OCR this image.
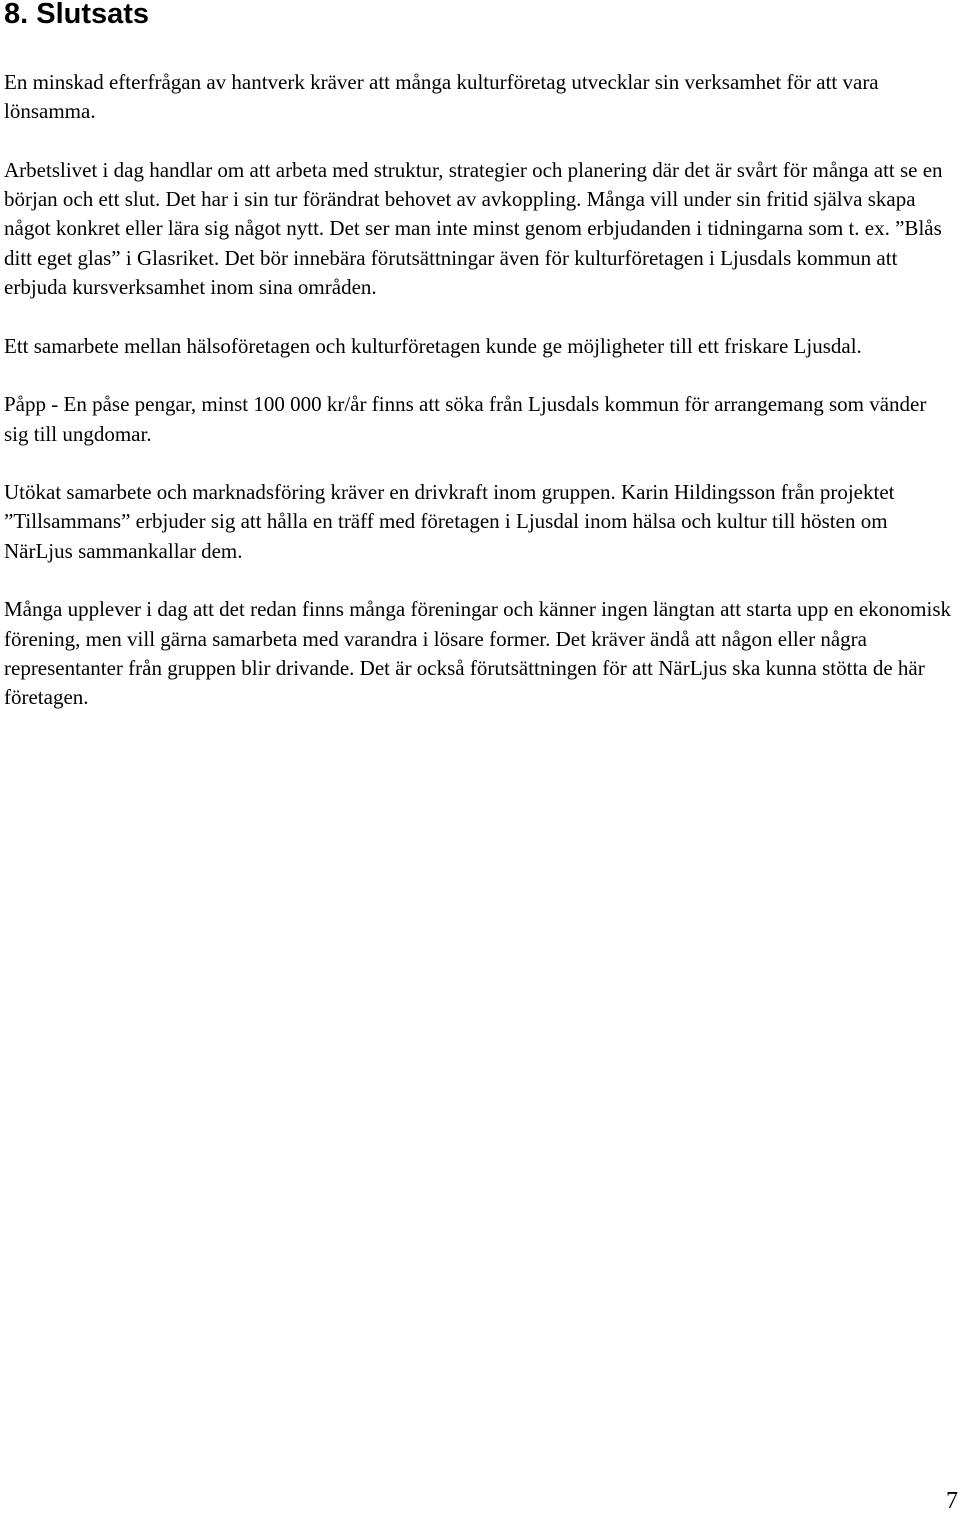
8. Slutsats

En minskad efterfrågan av hantverk kräver att många kulturföretag utvecklar sin verksamhet för att vara lönsamma.

Arbetslivet i dag handlar om att arbeta med struktur, strategier och planering där det är svårt för många att se en början och ett slut. Det har i sin tur förändrat behovet av avkoppling. Många vill under sin fritid själva skapa något konkret eller lära sig något nytt. Det ser man inte minst genom erbjudanden i tidningarna som t. ex. ”Blås ditt eget glas” i Glasriket. Det bör innebära förutsättningar även för kulturföretagen i Ljusdals kommun att erbjuda kursverksamhet inom sina områden.

Ett samarbete mellan hälsoföretagen och kulturföretagen kunde ge möjligheter till ett friskare Ljusdal.

Påpp - En påse pengar, minst 100 000 kr/år finns att söka från Ljusdals kommun för arrangemang som vänder sig till ungdomar.

Utökat samarbete och marknadsföring kräver en drivkraft inom gruppen. Karin Hildingsson från projektet ”Tillsammans” erbjuder sig att hålla en träff med företagen i Ljusdal inom hälsa och kultur till hösten om NärLjus sammankallar dem.

Många upplever i dag att det redan finns många föreningar och känner ingen längtan att starta upp en ekonomisk förening, men vill gärna samarbeta med varandra i lösare former. Det kräver ändå att någon eller några representanter från gruppen blir drivande. Det är också förutsättningen för att NärLjus ska kunna stötta de här företagen.

7
